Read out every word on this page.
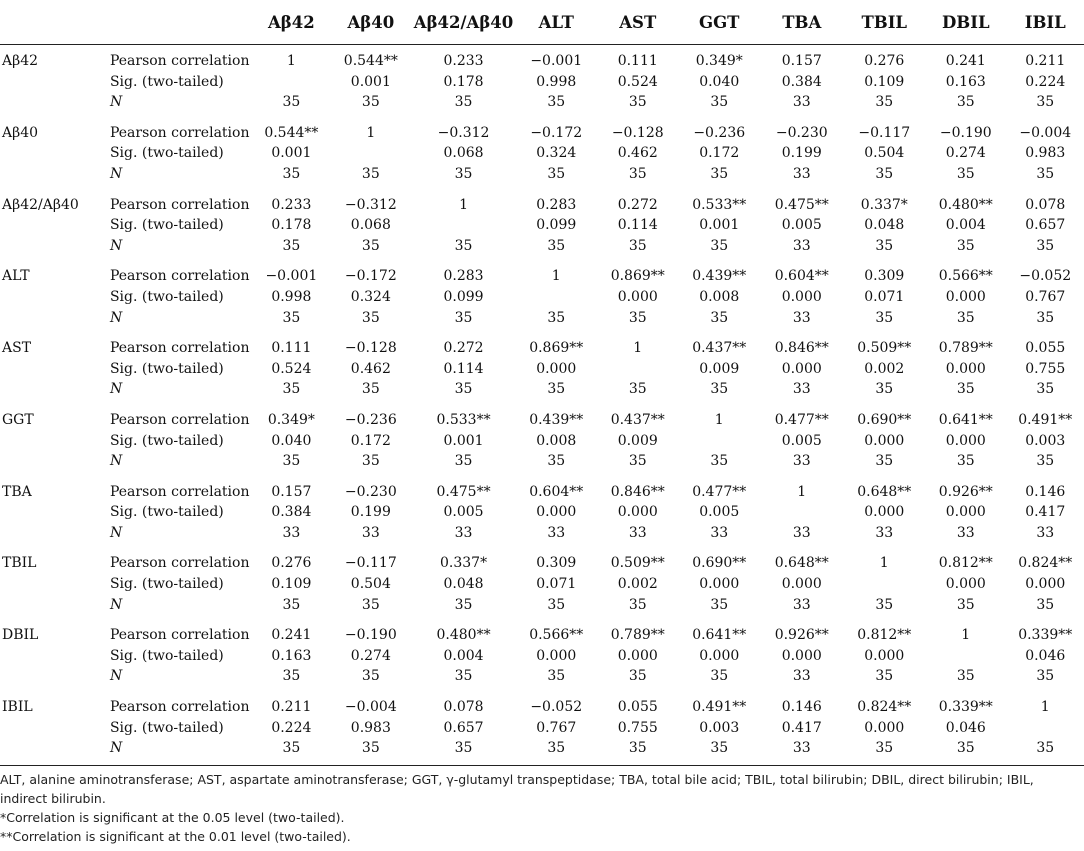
		Aβ42	Aβ40	Aβ42/Aβ40	ALT	AST	GGT	TBA	TBIL	DBIL	IBIL
Aβ42	Pearson correlation	1	0.544**	0.233	−0.001	0.111	0.349*	0.157	0.276	0.241	0.211
	Sig. (two-tailed)		0.001	0.178	0.998	0.524	0.040	0.384	0.109	0.163	0.224
	N	35	35	35	35	35	35	33	35	35	35
Aβ40	Pearson correlation	0.544**	1	−0.312	−0.172	−0.128	−0.236	−0.230	−0.117	−0.190	−0.004
	Sig. (two-tailed)	0.001		0.068	0.324	0.462	0.172	0.199	0.504	0.274	0.983
	N	35	35	35	35	35	35	33	35	35	35
Aβ42/Aβ40	Pearson correlation	0.233	−0.312	1	0.283	0.272	0.533**	0.475**	0.337*	0.480**	0.078
	Sig. (two-tailed)	0.178	0.068		0.099	0.114	0.001	0.005	0.048	0.004	0.657
	N	35	35	35	35	35	35	33	35	35	35
ALT	Pearson correlation	−0.001	−0.172	0.283	1	0.869**	0.439**	0.604**	0.309	0.566**	−0.052
	Sig. (two-tailed)	0.998	0.324	0.099		0.000	0.008	0.000	0.071	0.000	0.767
	N	35	35	35	35	35	35	33	35	35	35
AST	Pearson correlation	0.111	−0.128	0.272	0.869**	1	0.437**	0.846**	0.509**	0.789**	0.055
	Sig. (two-tailed)	0.524	0.462	0.114	0.000		0.009	0.000	0.002	0.000	0.755
	N	35	35	35	35	35	35	33	35	35	35
GGT	Pearson correlation	0.349*	−0.236	0.533**	0.439**	0.437**	1	0.477**	0.690**	0.641**	0.491**
	Sig. (two-tailed)	0.040	0.172	0.001	0.008	0.009		0.005	0.000	0.000	0.003
	N	35	35	35	35	35	35	33	35	35	35
TBA	Pearson correlation	0.157	−0.230	0.475**	0.604**	0.846**	0.477**	1	0.648**	0.926**	0.146
	Sig. (two-tailed)	0.384	0.199	0.005	0.000	0.000	0.005		0.000	0.000	0.417
	N	33	33	33	33	33	33	33	33	33	33
TBIL	Pearson correlation	0.276	−0.117	0.337*	0.309	0.509**	0.690**	0.648**	1	0.812**	0.824**
	Sig. (two-tailed)	0.109	0.504	0.048	0.071	0.002	0.000	0.000		0.000	0.000
	N	35	35	35	35	35	35	33	35	35	35
DBIL	Pearson correlation	0.241	−0.190	0.480**	0.566**	0.789**	0.641**	0.926**	0.812**	1	0.339**
	Sig. (two-tailed)	0.163	0.274	0.004	0.000	0.000	0.000	0.000	0.000		0.046
	N	35	35	35	35	35	35	33	35	35	35
IBIL	Pearson correlation	0.211	−0.004	0.078	−0.052	0.055	0.491**	0.146	0.824**	0.339**	1
	Sig. (two-tailed)	0.224	0.983	0.657	0.767	0.755	0.003	0.417	0.000	0.046	
	N	35	35	35	35	35	35	33	35	35	35

ALT, alanine aminotransferase; AST, aspartate aminotransferase; GGT, γ-glutamyl transpeptidase; TBA, total bile acid; TBIL, total bilirubin; DBIL, direct bilirubin; IBIL, indirect bilirubin.

*Correlation is significant at the 0.05 level (two-tailed).

**Correlation is significant at the 0.01 level (two-tailed).
